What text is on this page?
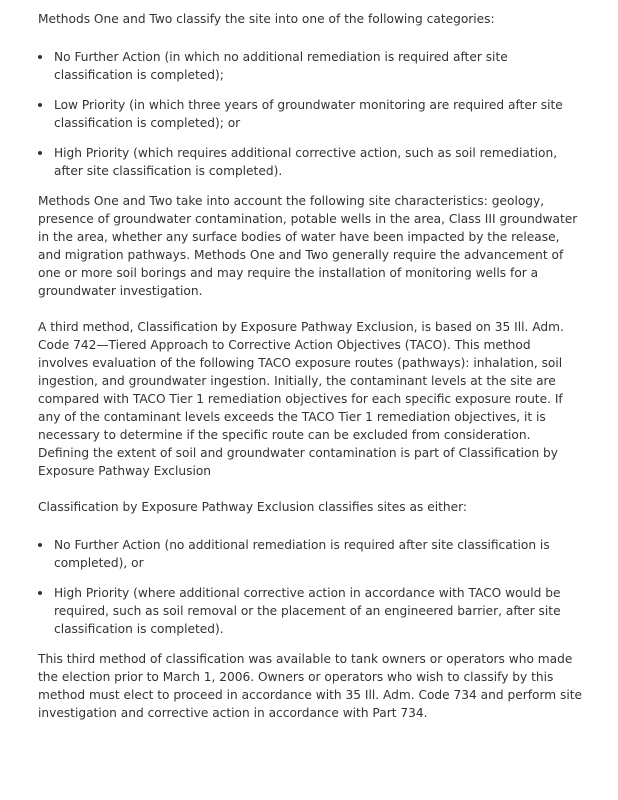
Methods One and Two classify the site into one of the following categories:

No Further Action (in which no additional remediation is required after site classification is completed);
Low Priority (in which three years of groundwater monitoring are required after site classification is completed); or
High Priority (which requires additional corrective action, such as soil remediation, after site classification is completed).

Methods One and Two take into account the following site characteristics: geology, presence of groundwater contamination, potable wells in the area, Class III groundwater in the area, whether any surface bodies of water have been impacted by the release, and migration pathways. Methods One and Two generally require the advancement of one or more soil borings and may require the installation of monitoring wells for a groundwater investigation.

A third method, Classification by Exposure Pathway Exclusion, is based on 35 Ill. Adm. Code 742—Tiered Approach to Corrective Action Objectives (TACO). This method involves evaluation of the following TACO exposure routes (pathways): inhalation, soil ingestion, and groundwater ingestion. Initially, the contaminant levels at the site are compared with TACO Tier 1 remediation objectives for each specific exposure route. If any of the contaminant levels exceeds the TACO Tier 1 remediation objectives, it is necessary to determine if the specific route can be excluded from consideration. Defining the extent of soil and groundwater contamination is part of Classification by Exposure Pathway Exclusion

Classification by Exposure Pathway Exclusion classifies sites as either:

No Further Action (no additional remediation is required after site classification is completed), or
High Priority (where additional corrective action in accordance with TACO would be required, such as soil removal or the placement of an engineered barrier, after site classification is completed).

This third method of classification was available to tank owners or operators who made the election prior to March 1, 2006. Owners or operators who wish to classify by this method must elect to proceed in accordance with 35 Ill. Adm. Code 734 and perform site investigation and corrective action in accordance with Part 734.
